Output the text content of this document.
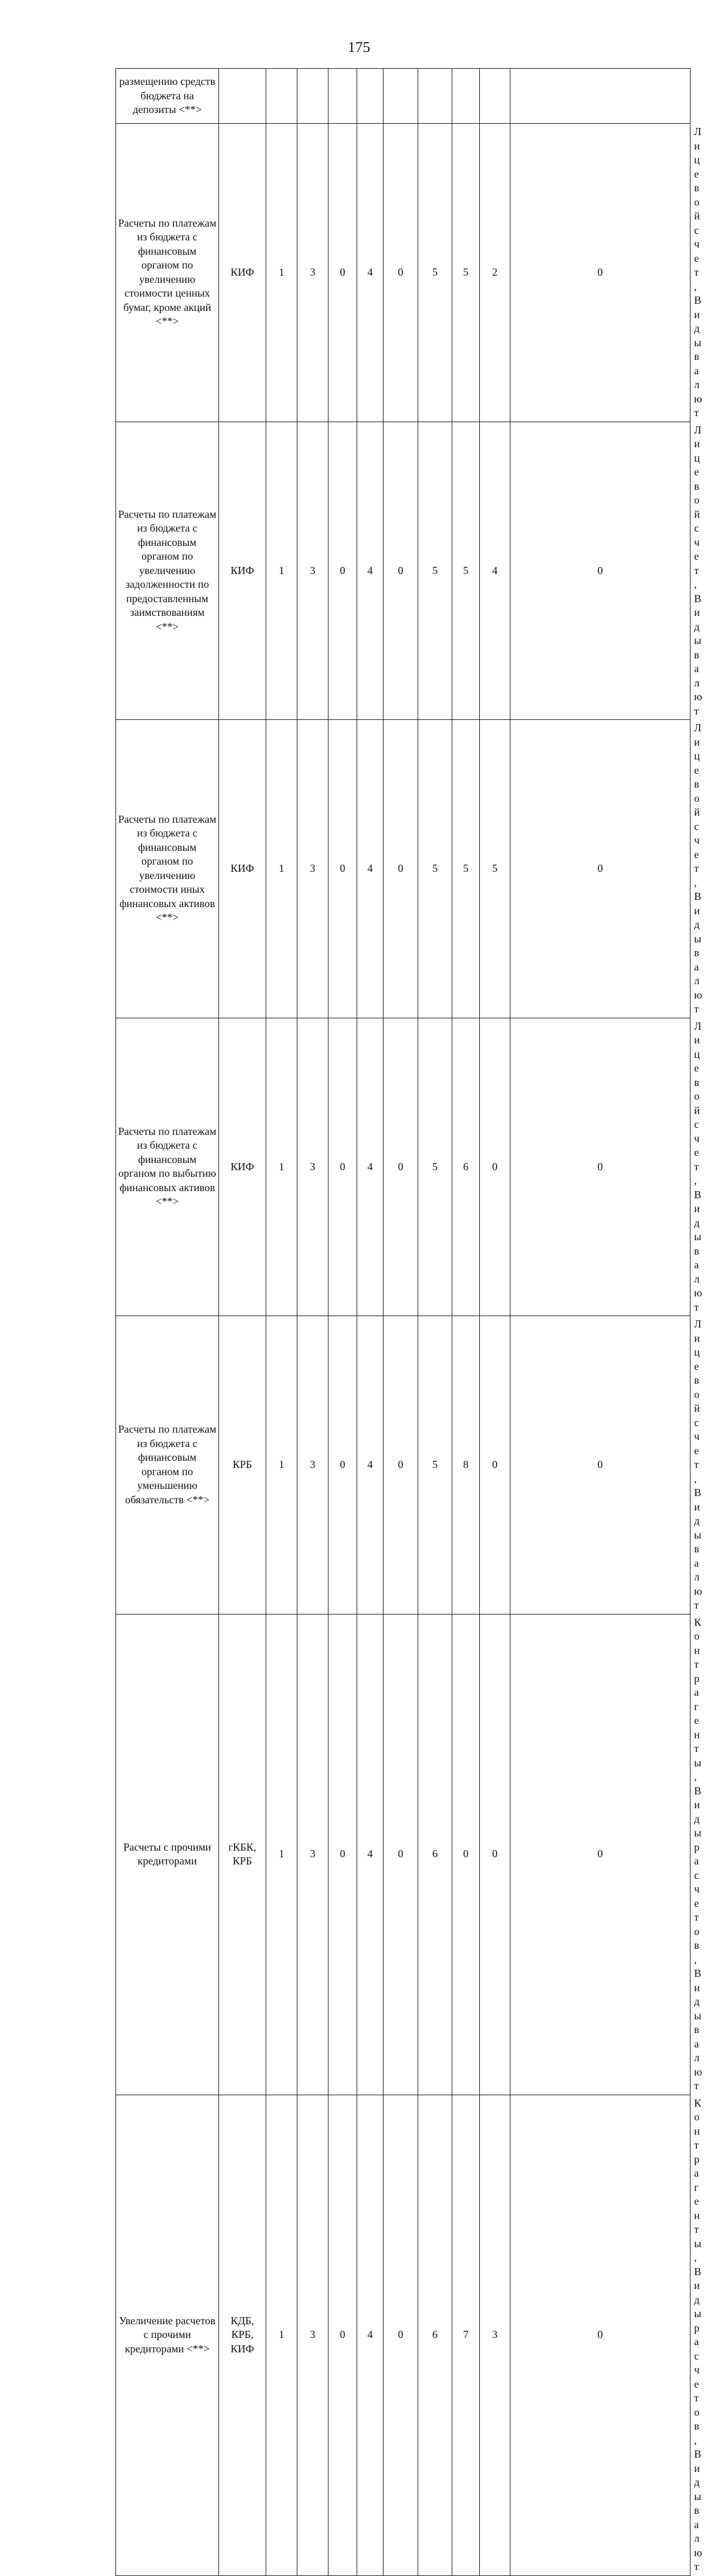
175
размещению средств бюджета на депозиты <**>											
Расчеты по платежам из бюджета с финансовым органом по увеличению стоимости ценных бумаг, кроме акций <**>	КИФ	1	3	0	4	0	5	5	2	0	Лицевой счет, Виды валют
Расчеты по платежам из бюджета с финансовым органом по увеличению задолженности по предоставленным заимствованиям <**>	КИФ	1	3	0	4	0	5	5	4	0	Лицевой счет, Виды валют
Расчеты по платежам из бюджета с финансовым органом по увеличению стоимости иных финансовых активов <**>	КИФ	1	3	0	4	0	5	5	5	0	Лицевой счет, Виды валют
Расчеты по платежам из бюджета с финансовым органом по выбытию финансовых активов <**>	КИФ	1	3	0	4	0	5	6	0	0	Лицевой счет, Виды валют
Расчеты по платежам из бюджета с финансовым органом по уменьшению обязательств <**>	КРБ	1	3	0	4	0	5	8	0	0	Лицевой счет, Виды валют
Расчеты с прочими кредиторами	гКБК, КРБ	1	3	0	4	0	6	0	0	0	Контрагенты, Виды расчетов, Виды валют
Увеличение расчетов с прочими кредиторами <**>	КДБ, КРБ, КИФ	1	3	0	4	0	6	7	3	0	Контрагенты, Виды расчетов, Виды валют
